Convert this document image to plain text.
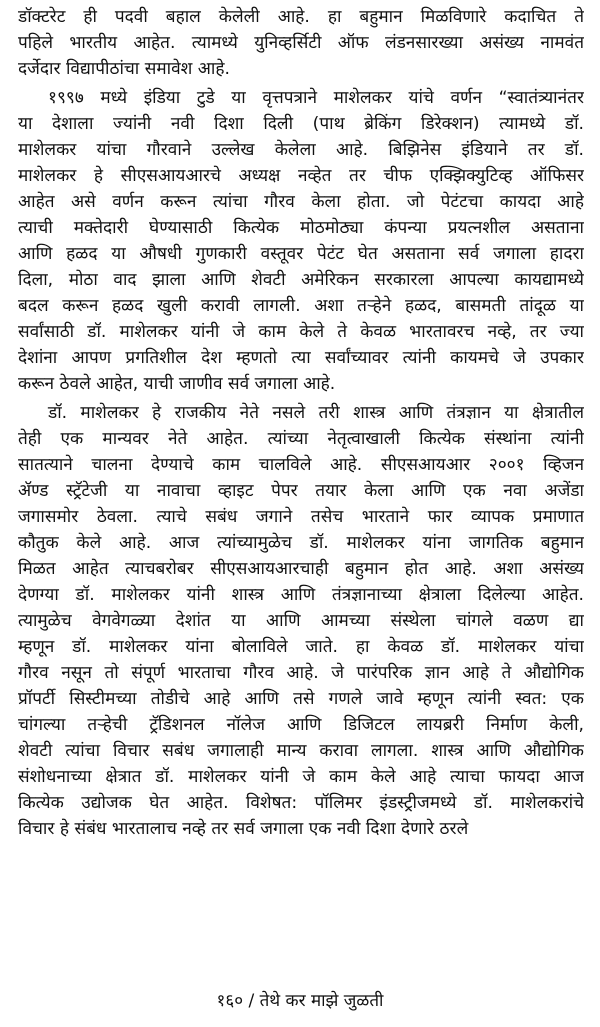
डॉक्टरेट ही पदवी बहाल केलेली आहे. हा बहुमान मिळविणारे कदाचित ते
पहिले भारतीय आहेत. त्यामध्ये युनिव्हर्सिटी ऑफ लंडनसारख्या असंख्य नामवंत
दर्जेदार विद्यापीठांचा समावेश आहे.
१९९७ मध्ये इंडिया टुडे या वृत्तपत्राने माशेलकर यांचे वर्णन “स्वातंत्र्यानंतर
या देशाला ज्यांनी नवी दिशा दिली (पाथ ब्रेकिंग डिरेक्शन) त्यामध्ये डॉ.
माशेलकर यांचा गौरवाने उल्लेख केलेला आहे. बिझिनेस इंडियाने तर डॉ.
माशेलकर हे सीएसआयआरचे अध्यक्ष नव्हेत तर चीफ एक्झिक्युटिव्ह ऑफिसर
आहेत असे वर्णन करून त्यांचा गौरव केला होता. जो पेटंटचा कायदा आहे
त्याची मक्तेदारी घेण्यासाठी कित्येक मोठमोठ्या कंपन्या प्रयत्नशील असताना
आणि हळद या औषधी गुणकारी वस्तूवर पेटंट घेत असताना सर्व जगाला हादरा
दिला, मोठा वाद झाला आणि शेवटी अमेरिकन सरकारला आपल्या कायद्यामध्ये
बदल करून हळद खुली करावी लागली. अशा तऱ्हेने हळद, बासमती तांदूळ या
सर्वांसाठी डॉ. माशेलकर यांनी जे काम केले ते केवळ भारतावरच नव्हे, तर ज्या
देशांना आपण प्रगतिशील देश म्हणतो त्या सर्वांच्यावर त्यांनी कायमचे जे उपकार
करून ठेवले आहेत, याची जाणीव सर्व जगाला आहे.
डॉ. माशेलकर हे राजकीय नेते नसले तरी शास्त्र आणि तंत्रज्ञान या क्षेत्रातील
तेही एक मान्यवर नेते आहेत. त्यांच्या नेतृत्वाखाली कित्येक संस्थांना त्यांनी
सातत्याने चालना देण्याचे काम चालविले आहे. सीएसआयआर २००१ व्हिजन
ॲण्ड स्ट्रॅटेजी या नावाचा व्हाइट पेपर तयार केला आणि एक नवा अजेंडा
जगासमोर ठेवला. त्याचे सबंध जगाने तसेच भारताने फार व्यापक प्रमाणात
कौतुक केले आहे. आज त्यांच्यामुळेच डॉ. माशेलकर यांना जागतिक बहुमान
मिळत आहेत त्याचबरोबर सीएसआयआरचाही बहुमान होत आहे. अशा असंख्य
देणग्या डॉ. माशेलकर यांनी शास्त्र आणि तंत्रज्ञानाच्या क्षेत्राला दिलेल्या आहेत.
त्यामुळेच वेगवेगळ्या देशांत या आणि आमच्या संस्थेला चांगले वळण द्या
म्हणून डॉ. माशेलकर यांना बोलाविले जाते. हा केवळ डॉ. माशेलकर यांचा
गौरव नसून तो संपूर्ण भारताचा गौरव आहे. जे पारंपरिक ज्ञान आहे ते औद्योगिक
प्रॉपर्टी सिस्टीमच्या तोडीचे आहे आणि तसे गणले जावे म्हणून त्यांनी स्वत: एक
चांगल्या तऱ्हेची ट्रॅडिशनल नॉलेज आणि डिजिटल लायब्ररी निर्माण केली,
शेवटी त्यांचा विचार सबंध जगालाही मान्य करावा लागला. शास्त्र आणि औद्योगिक
संशोधनाच्या क्षेत्रात डॉ. माशेलकर यांनी जे काम केले आहे त्याचा फायदा आज
कित्येक उद्योजक घेत आहेत. विशेषत: पॉलिमर इंडस्ट्रीजमध्ये डॉ. माशेलकरांचे
विचार हे संबंध भारतालाच नव्हे तर सर्व जगाला एक नवी दिशा देणारे ठरले
१६० / तेथे कर माझे जुळती
